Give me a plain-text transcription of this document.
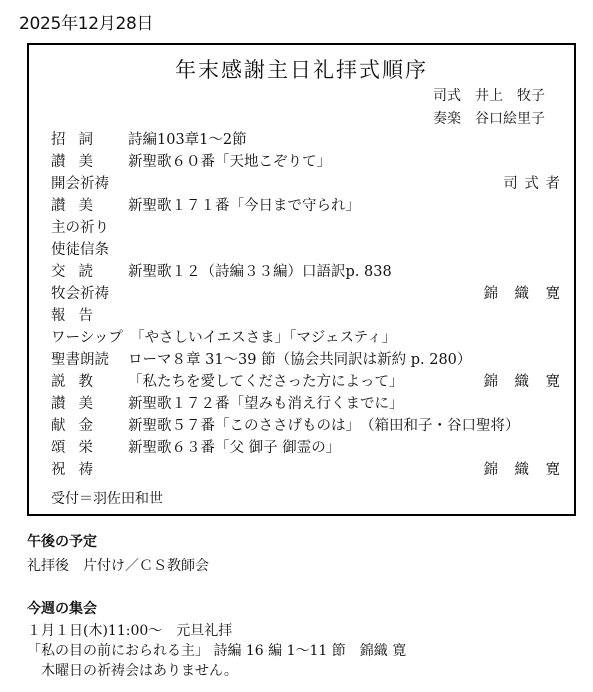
2025年12月28日
年末感謝主日礼拝式順序
司式　井上　牧子
奏楽　谷口絵里子
招詞 詩編103章1〜2節
讃美 新聖歌６０番「天地こぞりて」
開会祈祷	司 式 者
讃美 新聖歌１７１番「今日まで守られ」
主の祈り
使徒信条
交読 新聖歌１２（詩編３３編）口語訳p. 838
牧会祈祷	錦　織　寛
報告
ワーシップ　「やさしいイエスさま」「マジェスティ」
聖書朗読 ローマ８章 31〜39 節（協会共同訳は新約 p. 280）
説教 「私たちを愛してくださった方によって」	錦　織　寛
讃美 新聖歌１７２番「望みも消え行くまでに」
献金 新聖歌５７番「このささげものは」　（箱田和子・谷口聖将）
頌栄 新聖歌６３番「父 御子 御霊の」
祝祷	錦　織　寛
受付＝羽佐田和世
午後の予定
礼拝後　片付け／ＣＳ教師会
今週の集会
１月１日(木)11:00〜　元旦礼拝
「私の目の前におられる主」 詩編 16 編 1〜11 節　錦織 寛
　木曜日の祈祷会はありません。
